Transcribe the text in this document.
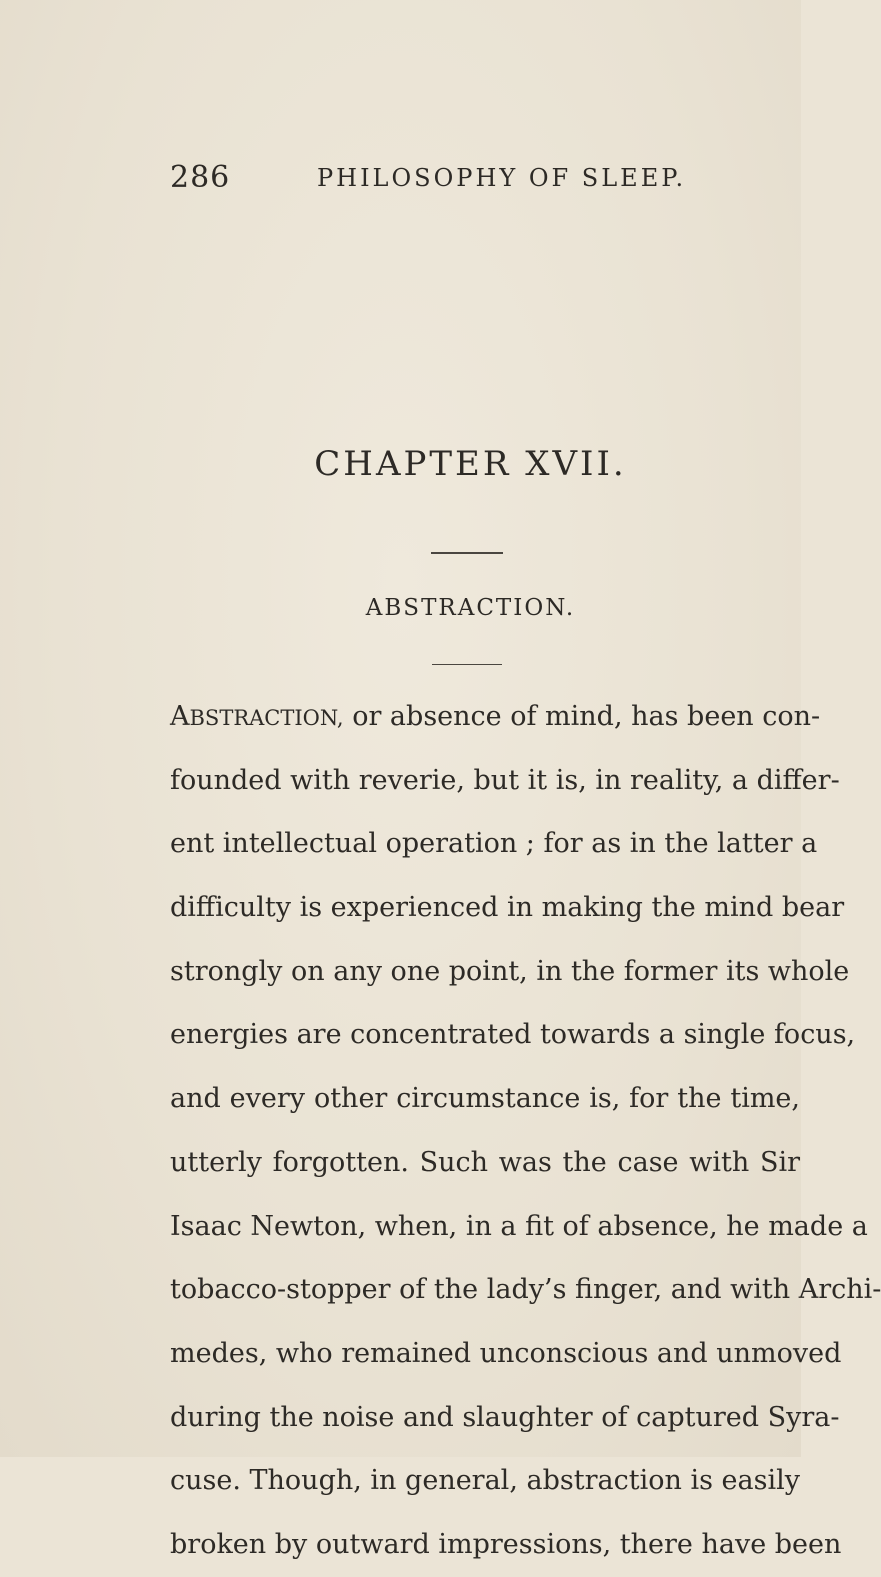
286	PHILOSOPHY OF SLEEP.
CHAPTER XVII.
ABSTRACTION.
ABSTRACTION, or absence of mind, has been con-
founded with reverie, but it is, in reality, a differ-
ent intellectual operation ; for as in the latter a
difficulty is experienced in making the mind bear
strongly on any one point, in the former its whole
energies are concentrated towards a single focus,
and every other circumstance is, for the time,
utterly forgotten. Such was the case with Sir
Isaac Newton, when, in a fit of absence, he made a
tobacco-stopper of the lady’s finger, and with Archi-
medes, who remained unconscious and unmoved
during the noise and slaughter of captured Syra-
cuse. Though, in general, abstraction is easily
broken by outward impressions, there have been
